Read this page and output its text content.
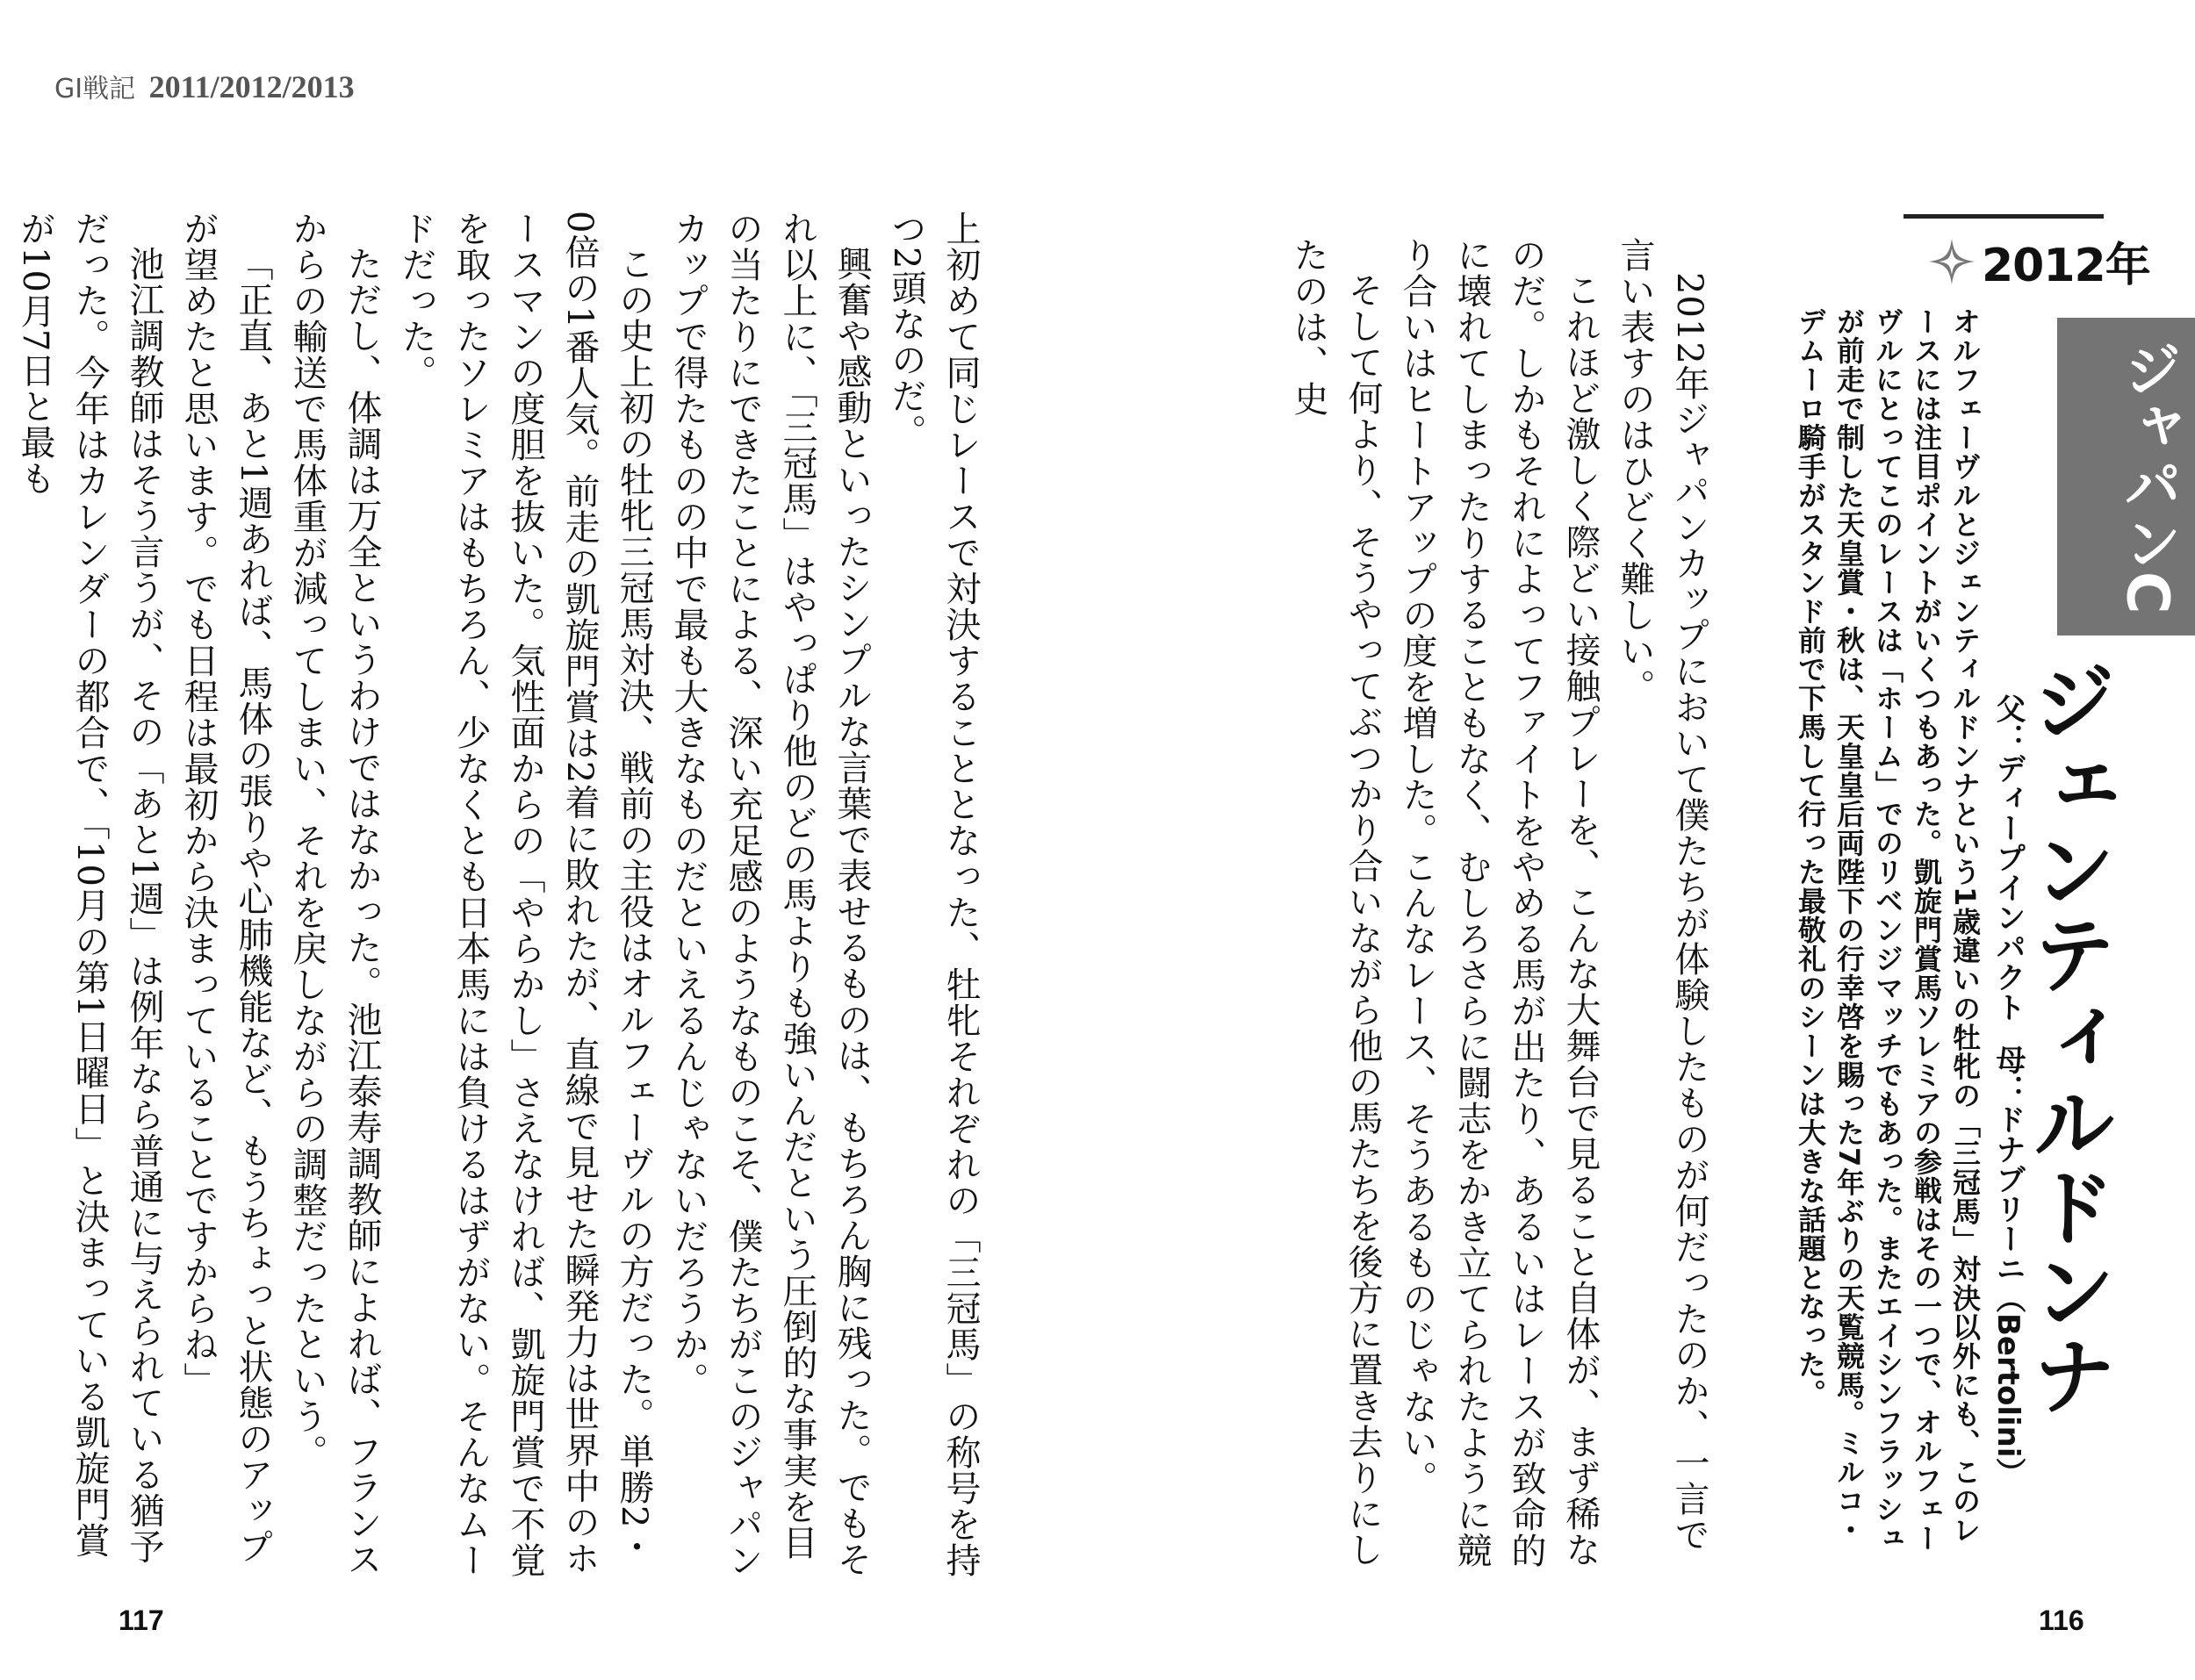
GI戦記 2011/2012/2013

上初めて同じレースで対決することとなった、牡牝それぞれの「三冠馬」の称号を持つ2頭なのだ。

興奮や感動といったシンプルな言葉で表せるものは、もちろん胸に残った。でもそれ以上に、「三冠馬」はやっぱり他のどの馬よりも強いんだという圧倒的な事実を目の当たりにできたことによる、深い充足感のようなものこそ、僕たちがこのジャパンカップで得たものの中で最も大きなものだといえるんじゃないだろうか。

この史上初の牡牝三冠馬対決、戦前の主役はオルフェーヴルの方だった。単勝2・0倍の1番人気。前走の凱旋門賞は2着に敗れたが、直線で見せた瞬発力は世界中のホースマンの度胆を抜いた。気性面からの「やらかし」さえなければ、凱旋門賞で不覚を取ったソレミアはもちろん、少なくとも日本馬には負けるはずがない。そんなムードだった。

ただし、体調は万全というわけではなかった。池江泰寿調教師によれば、フランスからの輸送で馬体重が減ってしまい、それを戻しながらの調整だったという。

「正直、あと1週あれば、馬体の張りや心肺機能など、もうちょっと状態のアップが望めたと思います。でも日程は最初から決まっていることですからね」

池江調教師はそう言うが、その「あと1週」は例年なら普通に与えられている猶予だった。今年はカレンダーの都合で、「10月の第1日曜日」と決まっている凱旋門賞が10月7日と最も	2012年ジャパンカップにおいて僕たちが体験したものが何だったのか、一言で言い表すのはひどく難しい。

これほど激しく際どい接触プレーを、こんな大舞台で見ること自体が、まず稀なのだ。しかもそれによってファイトをやめる馬が出たり、あるいはレースが致命的に壊れてしまったりすることもなく、むしろさらに闘志をかき立てられたように競り合いはヒートアップの度を増した。こんなレース、そうあるものじゃない。

そして何より、そうやってぶつかり合いながら他の馬たちを後方に置き去りにしたのは、史	オルフェーヴルとジェンティルドンナという1歳違いの牡牝の「三冠馬」対決以外にも、このレースには注目ポイントがいくつもあった。凱旋門賞馬ソレミアの参戦はその一つで、オルフェーヴルにとってこのレースは「ホーム」でのリベンジマッチでもあった。またエイシンフラッシュが前走で制した天皇賞・秋は、天皇皇后両陛下の行幸啓を賜った7年ぶりの天覧競馬。ミルコ・デムーロ騎手がスタンド前で下馬して行った最敬礼のシーンは大きな話題となった。	父：ディープインパクト母：ドナブリーニ（Bertolini）
ジェンティルドンナ
ジャパンC
2012年
117	116
